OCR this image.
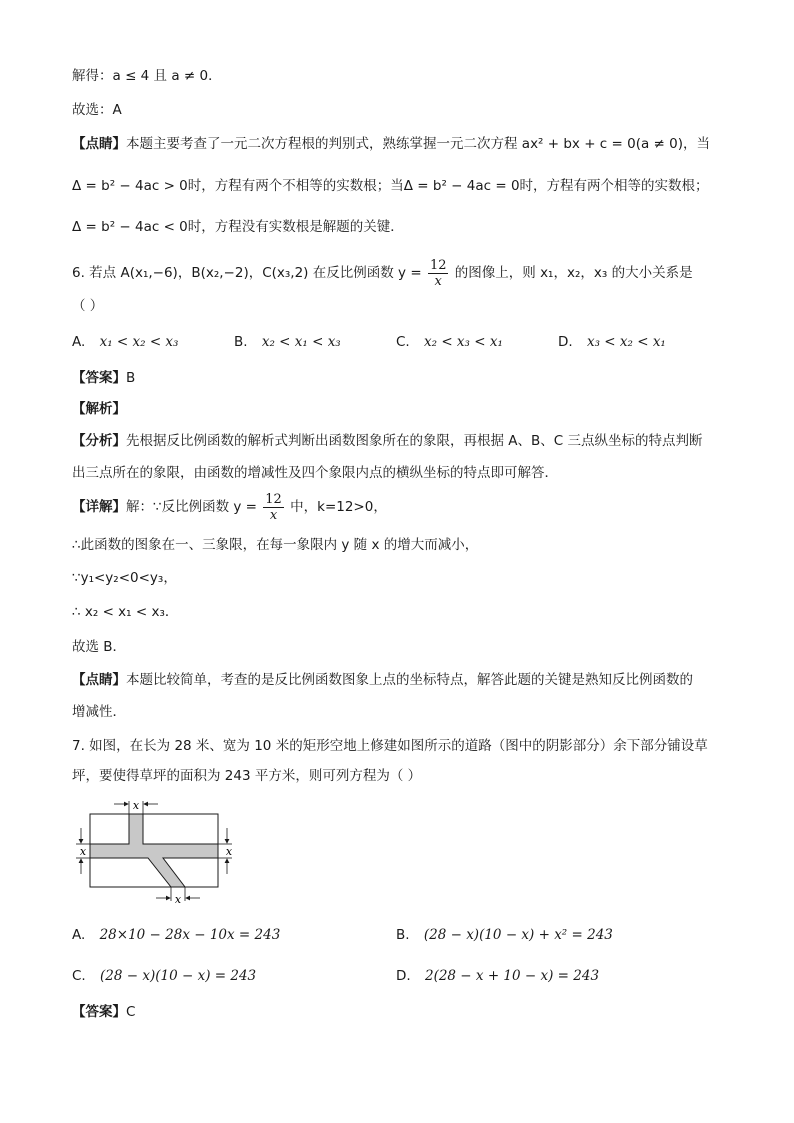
解得：a ≤ 4 且 a ≠ 0．
故选：A
【点睛】本题主要考查了一元二次方程根的判别式，熟练掌握一元二次方程 ax² + bx + c = 0(a ≠ 0)，当
Δ = b² − 4ac > 0时，方程有两个不相等的实数根；当Δ = b² − 4ac = 0时，方程有两个相等的实数根；
Δ = b² − 4ac < 0时，方程没有实数根是解题的关键．
6. 若点 A(x₁,−6)，B(x₂,−2)，C(x₃,2) 在反比例函数 $y = \frac{12}{x}$ 的图像上，则 x₁，x₂，x₃ 的大小关系是
（ ）
A. x₁ < x₂ < x₃	B. x₂ < x₁ < x₃	C. x₂ < x₃ < x₁	D. x₃ < x₂ < x₁
【答案】B
【解析】
【分析】先根据反比例函数的解析式判断出函数图象所在的象限，再根据 A、B、C 三点纵坐标的特点判断
出三点所在的象限，由函数的增减性及四个象限内点的横纵坐标的特点即可解答．
【详解】解：∵反比例函数 $y = \frac{12}{x}$ 中，k=12>0，
∴此函数的图象在一、三象限，在每一象限内 y 随 x 的增大而减小，
∵y₁<y₂<0<y₃，
∴ x₂ < x₁ < x₃．
故选 B．
【点睛】本题比较简单，考查的是反比例函数图象上点的坐标特点，解答此题的关键是熟知反比例函数的
增减性．
7. 如图，在长为 28 米、宽为 10 米的矩形空地上修建如图所示的道路（图中的阴影部分）余下部分铺设草
坪，要使得草坪的面积为 243 平方米，则可列方程为（ ）
x
x	x
x
A. 28×10 − 28x − 10x = 243	B. (28 − x)(10 − x) + x² = 243
C. (28 − x)(10 − x) = 243	D. 2(28 − x + 10 − x) = 243
【答案】C
